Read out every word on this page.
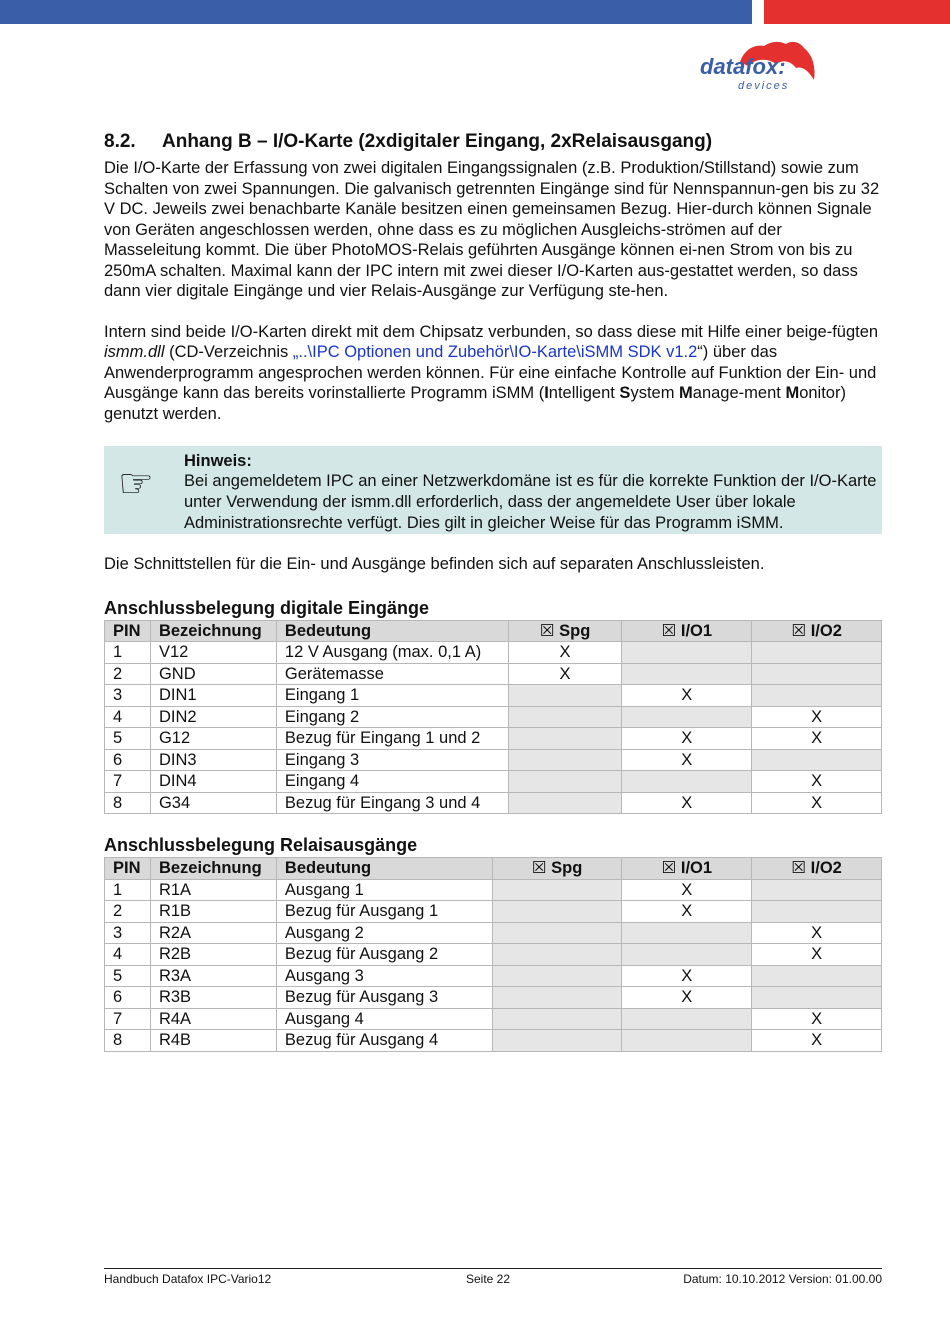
datafox:
devices
8.2. Anhang B – I/O-Karte (2xdigitaler Eingang, 2xRelaisausgang)

Die I/O-Karte der Erfassung von zwei digitalen Eingangssignalen (z.B. Produktion/Stillstand) sowie zum Schalten von zwei Spannungen. Die galvanisch getrennten Eingänge sind für Nennspannun-gen bis zu 32 V DC. Jeweils zwei benachbarte Kanäle besitzen einen gemeinsamen Bezug. Hier-durch können Signale von Geräten angeschlossen werden, ohne dass es zu möglichen Ausgleichs-strömen auf der Masseleitung kommt. Die über PhotoMOS-Relais geführten Ausgänge können ei-nen Strom von bis zu 250mA schalten. Maximal kann der IPC intern mit zwei dieser I/O-Karten aus-gestattet werden, so dass dann vier digitale Eingänge und vier Relais-Ausgänge zur Verfügung ste-hen.

Intern sind beide I/O-Karten direkt mit dem Chipsatz verbunden, so dass diese mit Hilfe einer beige-fügten ismm.dll (CD-Verzeichnis „..\IPC Optionen und Zubehör\IO-Karte\iSMM SDK v1.2“) über das Anwenderprogramm angesprochen werden können. Für eine einfache Kontrolle auf Funktion der Ein- und Ausgänge kann das bereits vorinstallierte Programm iSMM (Intelligent System Manage-ment Monitor) genutzt werden.

☞ Hinweis:
Bei angemeldetem IPC an einer Netzwerkdomäne ist es für die korrekte Funktion der I/O-Karte unter Verwendung der ismm.dll erforderlich, dass der angemeldete User über lokale Administrationsrechte verfügt. Dies gilt in gleicher Weise für das Programm iSMM.

Die Schnittstellen für die Ein- und Ausgänge befinden sich auf separaten Anschlussleisten.

Anschlussbelegung digitale Eingänge
PIN	Bezeichnung	Bedeutung	☒ Spg	☒ I/O1	☒ I/O2
1	V12	12 V Ausgang (max. 0,1 A)	X		
2	GND	Gerätemasse	X		
3	DIN1	Eingang 1		X	
4	DIN2	Eingang 2			X
5	G12	Bezug für Eingang 1 und 2		X	X
6	DIN3	Eingang 3		X	
7	DIN4	Eingang 4			X
8	G34	Bezug für Eingang 3 und 4		X	X
Anschlussbelegung Relaisausgänge
PIN	Bezeichnung	Bedeutung	☒ Spg	☒ I/O1	☒ I/O2
1	R1A	Ausgang 1		X	
2	R1B	Bezug für Ausgang 1		X	
3	R2A	Ausgang 2			X
4	R2B	Bezug für Ausgang 2			X
5	R3A	Ausgang 3		X	
6	R3B	Bezug für Ausgang 3		X	
7	R4A	Ausgang 4			X
8	R4B	Bezug für Ausgang 4			X
Handbuch Datafox IPC-Vario12	Seite 22	Datum: 10.10.2012 Version: 01.00.00
